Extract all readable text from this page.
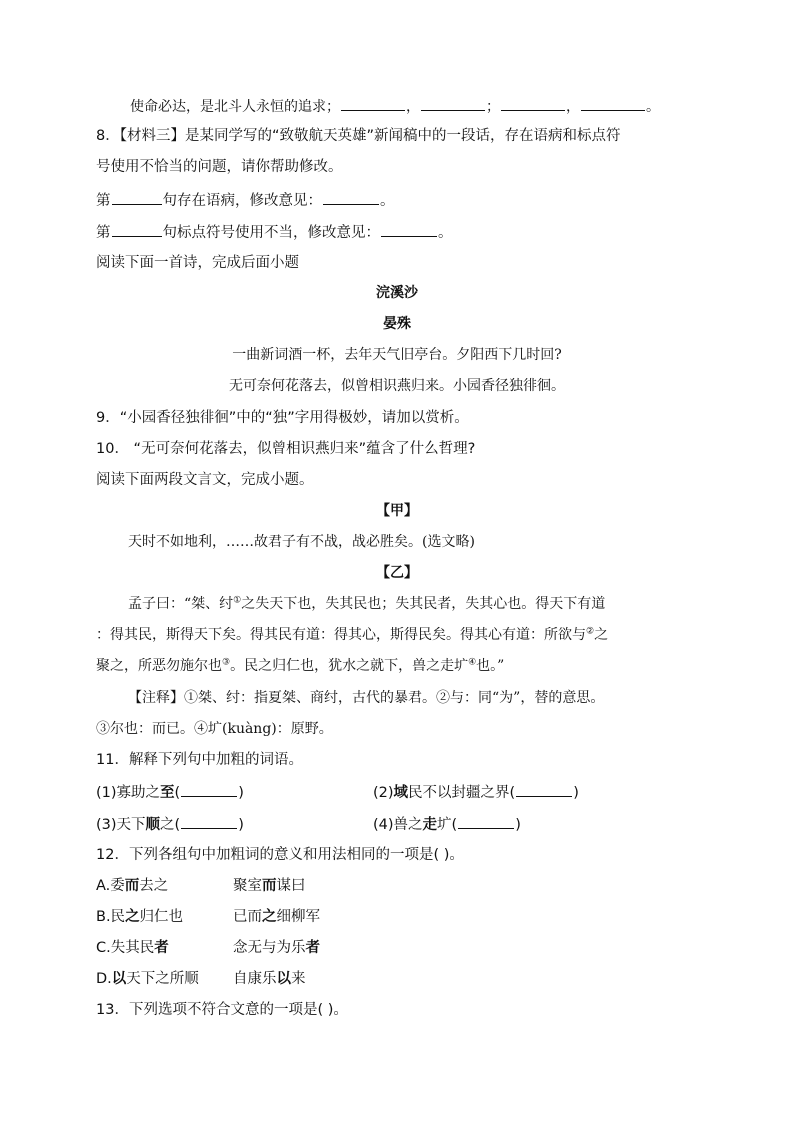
使命必达，是北斗人永恒的追求；	，	；	，	。
8．【材料三】是某同学写的“致敬航天英雄”新闻稿中的一段话，存在语病和标点符
号使用不恰当的问题，请你帮助修改。
第	句存在语病，修改意见：	。
第	句标点符号使用不当，修改意见：	。
阅读下面一首诗，完成后面小题
浣溪沙
晏殊
一曲新词酒一杯，去年天气旧亭台。夕阳西下几时回?
无可奈何花落去，似曾相识燕归来。小园香径独徘徊。
9．“小园香径独徘徊”中的“独”字用得极妙，请加以赏析。
10． “无可奈何花落去，似曾相识燕归来”蕴含了什么哲理?
阅读下面两段文言文，完成小题。
【甲】
天时不如地利，……故君子有不战，战必胜矣。(选文略)
【乙】
孟子曰：“桀、纣①之失天下也，失其民也；失其民者，失其心也。得天下有道
：得其民，斯得天下矣。得其民有道：得其心，斯得民矣。得其心有道：所欲与②之
聚之，所恶勿施尔也③。民之归仁也，犹水之就下，兽之走圹④也。”
【注释】①桀、纣：指夏桀、商纣，古代的暴君。②与：同“为”，替的意思。
③尔也：而已。④圹(kuàng)：原野。
11．解释下列句中加粗的词语。
(1)寡助之至(	)	(2)域民不以封疆之界(	)
(3)天下顺之(	)	(4)兽之走圹(	)
12．下列各组句中加粗词的意义和用法相同的一项是( )。
A.委而去之	聚室而谋曰
B.民之归仁也	已而之细柳军
C.失其民者	念无与为乐者
D.以天下之所顺 自康乐以来
13．下列选项不符合文意的一项是( )。
